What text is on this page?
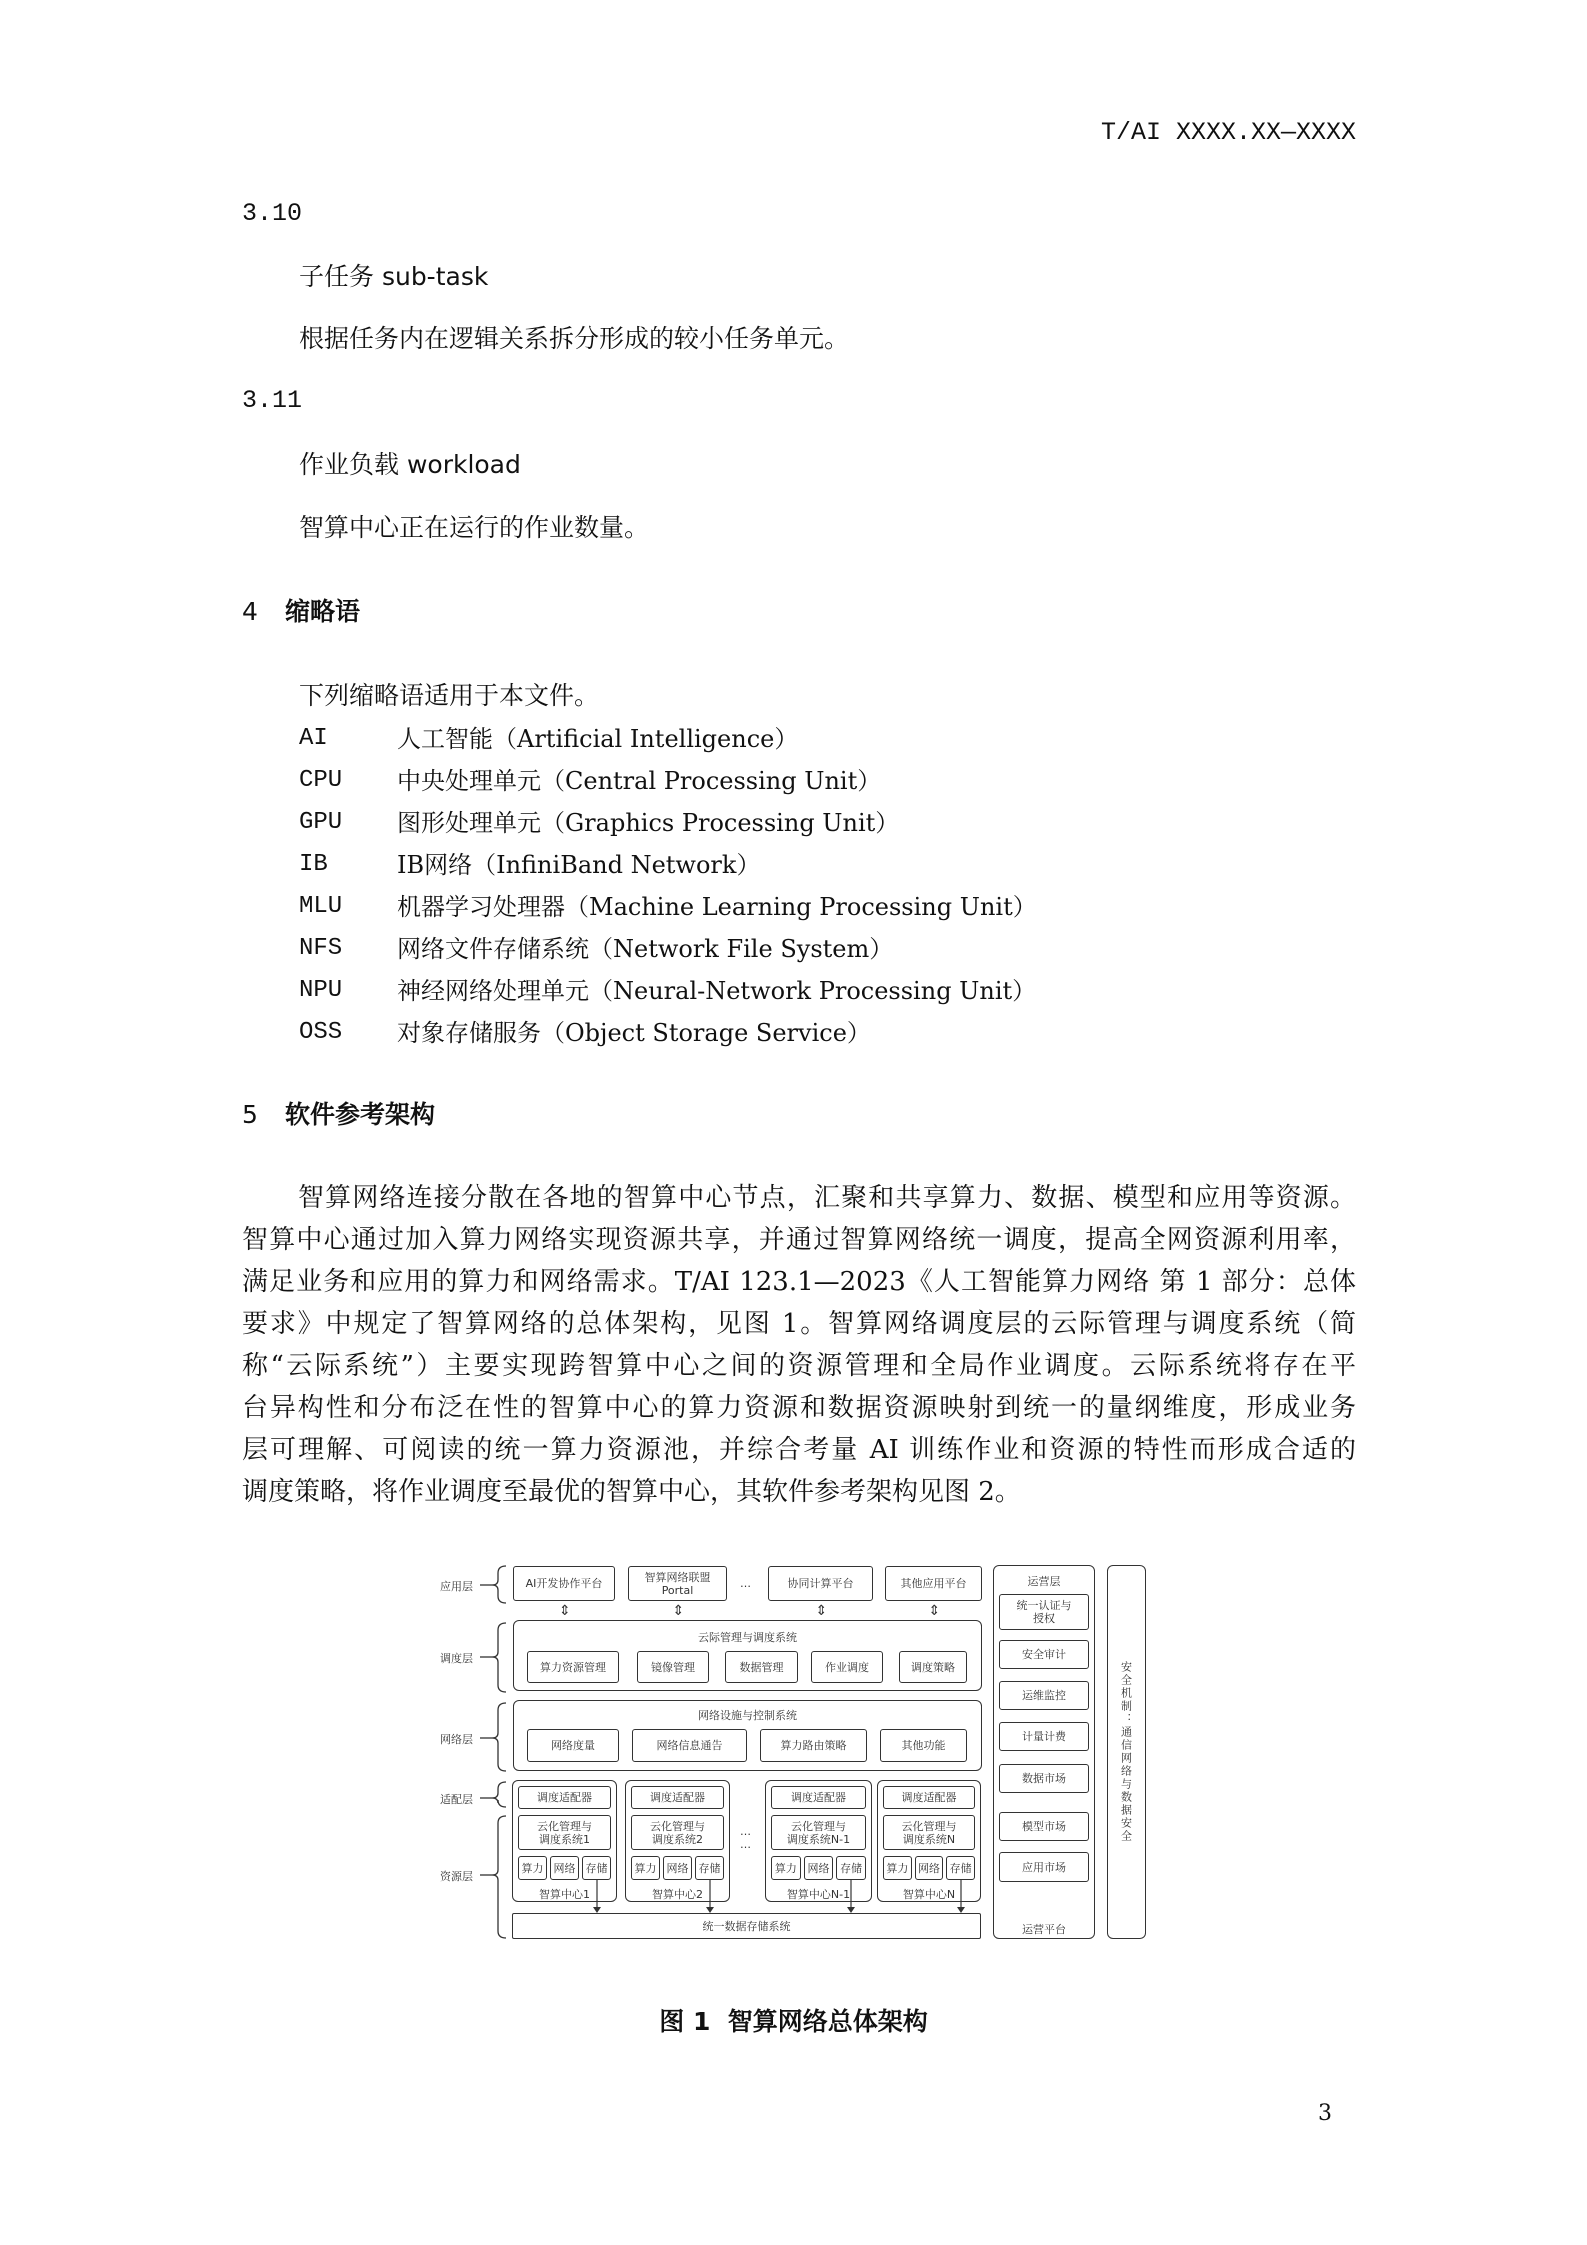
T/AI XXXX.XX—XXXX
3.10
子任务 sub-task
根据任务内在逻辑关系拆分形成的较小任务单元。
3.11
作业负载 workload
智算中心正在运行的作业数量。
4 缩略语
下列缩略语适用于本文件。
AI	人工智能（Artificial Intelligence）
CPU 中央处理单元（Central Processing Unit）
GPU 图形处理单元（Graphics Processing Unit）
IB	IB网络（InfiniBand Network）
MLU 机器学习处理器（Machine Learning Processing Unit）
NFS 网络文件存储系统（Network File System）
NPU 神经网络处理单元（Neural-Network Processing Unit）
OSS 对象存储服务（Object Storage Service）
5 软件参考架构
智算网络连接分散在各地的智算中心节点，汇聚和共享算力、数据、模型和应用等资源。
智算中心通过加入算力网络实现资源共享，并通过智算网络统一调度，提高全网资源利用率，
满足业务和应用的算力和网络需求。T/AI 123.1—2023《人工智能算力网络 第 1 部分：总体
要求》中规定了智算网络的总体架构，见图 1。智算网络调度层的云际管理与调度系统（简
称“云际系统”）主要实现跨智算中心之间的资源管理和全局作业调度。云际系统将存在平
台异构性和分布泛在性的智算中心的算力资源和数据资源映射到统一的量纲维度，形成业务
层可理解、可阅读的统一算力资源池，并综合考量 AI 训练作业和资源的特性而形成合适的
调度策略，将作业调度至最优的智算中心，其软件参考架构见图 2。
应用层
调度层
网络层
适配层
资源层
AI开发协作平台
⇕
智算网络联盟
Portal
⇕
…	协同计算平台
⇕
其他应用平台
⇕
云际管理与调度系统
算力资源管理	镜像管理	数据管理	作业调度	调度策略
网络设施与控制系统
网络度量	网络信息通告	算力路由策略	其他功能
调度适配器
云化管理与
调度系统1
算力 网络 存储
智算中心1
调度适配器
云化管理与
调度系统2
算力 网络 存储
智算中心2
调度适配器
云化管理与
调度系统N-1
算力 网络 存储
智算中心N-1
调度适配器
云化管理与
调度系统N
算力 网络 存储
智算中心N
…
…
统一数据存储系统
运营层
统一认证与
授权
安全审计
运维监控
计量计费
数据市场
模型市场
应用市场
运营平台
安全机制：通信网络与数据安全
图 1  智算网络总体架构
3
